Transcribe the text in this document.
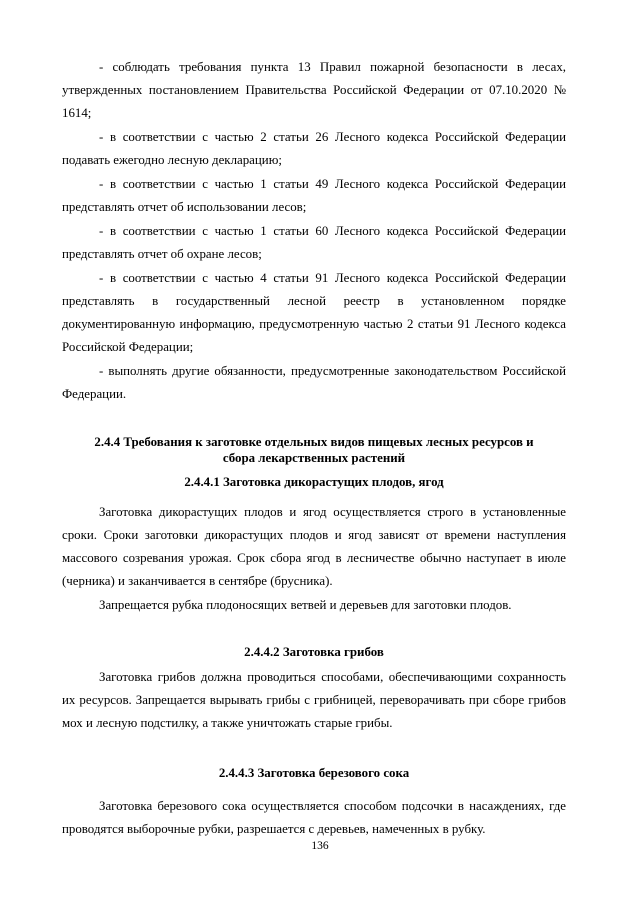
- соблюдать требования пункта 13 Правил пожарной безопасности в лесах, утвержденных постановлением Правительства Российской Федерации от 07.10.2020 № 1614;

- в соответствии с частью 2 статьи 26 Лесного кодекса Российской Федерации подавать ежегодно лесную декларацию;

- в соответствии с частью 1 статьи 49 Лесного кодекса Российской Федерации представлять отчет об использовании лесов;

- в соответствии с частью 1 статьи 60 Лесного кодекса Российской Федерации представлять отчет об охране лесов;

- в соответствии с частью 4 статьи 91 Лесного кодекса Российской Федерации представлять в государственный лесной реестр в установленном порядке документированную информацию, предусмотренную частью 2 статьи 91 Лесного кодекса Российской Федерации;

- выполнять другие обязанности, предусмотренные законодательством Российской Федерации.

2.4.4 Требования к заготовке отдельных видов пищевых лесных ресурсов и
сбора лекарственных растений
2.4.4.1 Заготовка дикорастущих плодов, ягод

Заготовка дикорастущих плодов и ягод осуществляется строго в установленные сроки. Сроки заготовки дикорастущих плодов и ягод зависят от времени наступления массового созревания урожая. Срок сбора ягод в лесничестве обычно наступает в июле (черника) и заканчивается в сентябре (брусника).

Запрещается рубка плодоносящих ветвей и деревьев для заготовки плодов.

2.4.4.2 Заготовка грибов

Заготовка грибов должна проводиться способами, обеспечивающими сохранность их ресурсов. Запрещается вырывать грибы с грибницей, переворачивать при сборе грибов мох и лесную подстилку, а также уничтожать старые грибы.

2.4.4.3 Заготовка березового сока

Заготовка березового сока осуществляется способом подсочки в насаждениях, где проводятся выборочные рубки, разрешается с деревьев, намеченных в рубку.

136
